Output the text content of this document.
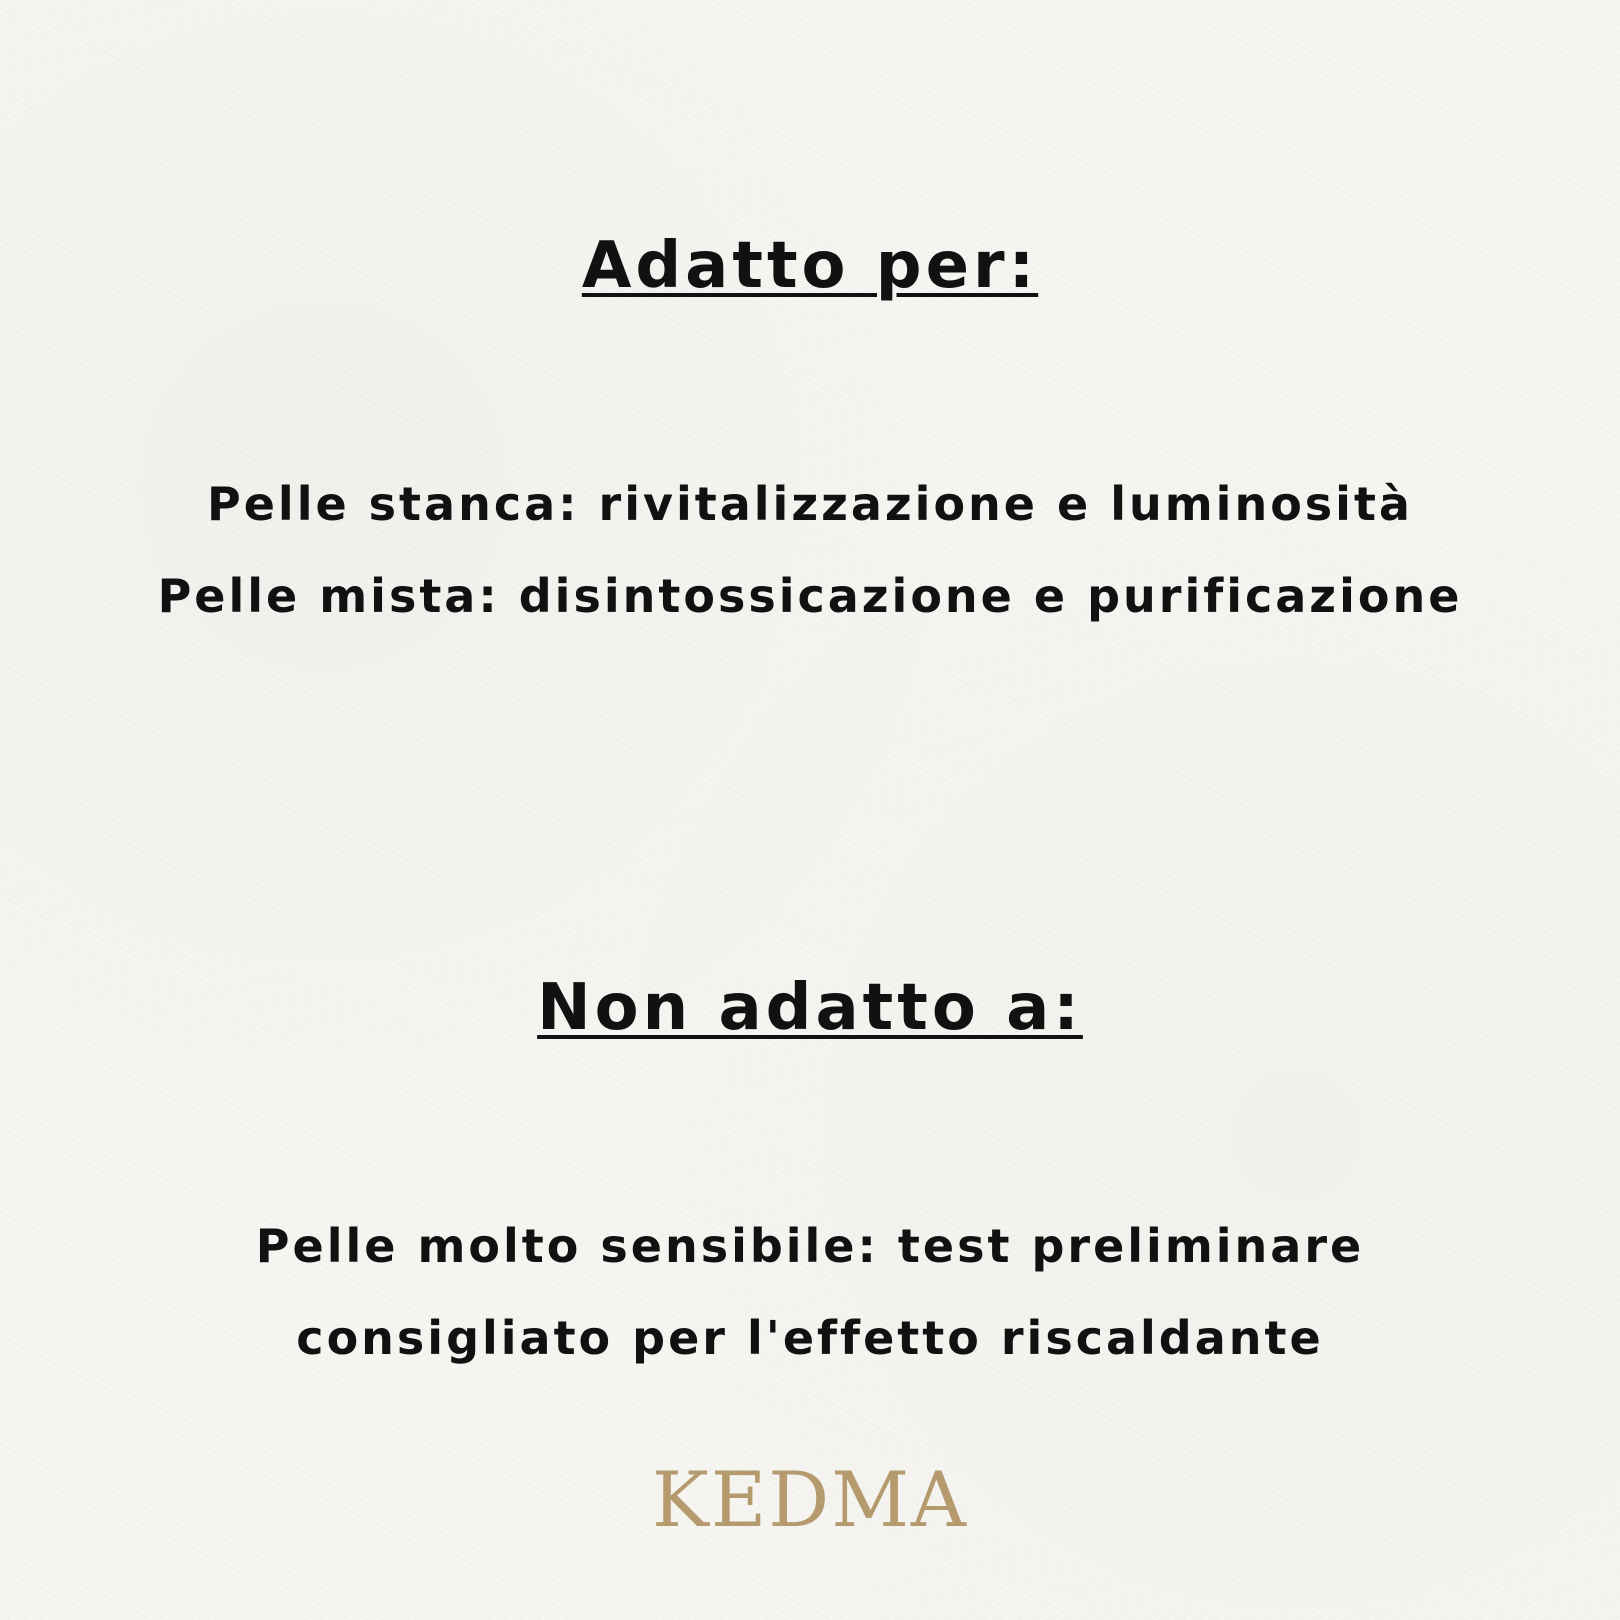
Adatto per:

Pelle stanca: rivitalizzazione e luminosità

Pelle mista: disintossicazione e purificazione

Non adatto a:

Pelle molto sensibile: test preliminare

consigliato per l'effetto riscaldante

KEDMA
